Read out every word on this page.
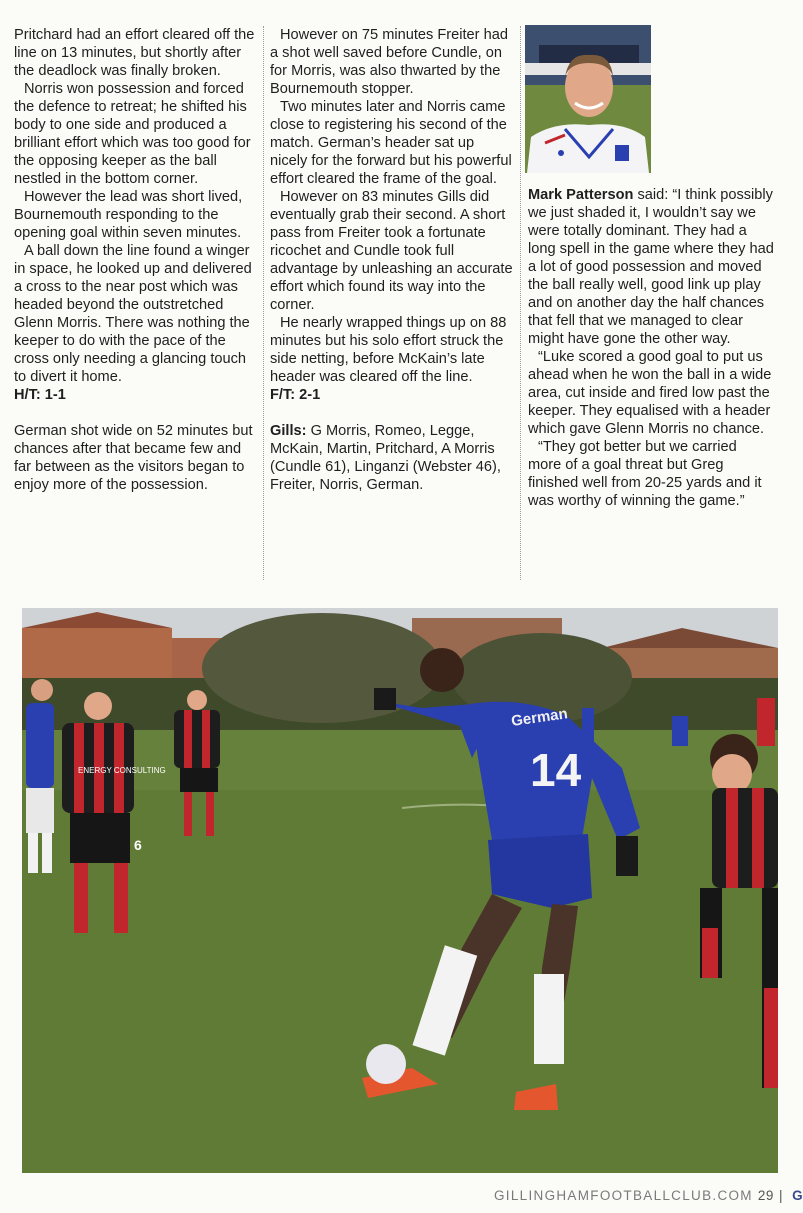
Pritchard had an effort cleared off the line on 13 minutes, but shortly after the deadlock was finally broken.

Norris won possession and forced the defence to retreat; he shifted his body to one side and produced a brilliant effort which was too good for the opposing keeper as the ball nestled in the bottom corner.

However the lead was short lived, Bournemouth responding to the opening goal within seven minutes.

A ball down the line found a winger in space, he looked up and delivered a cross to the near post which was headed beyond the outstretched Glenn Morris. There was nothing the keeper to do with the pace of the cross only needing a glancing touch to divert it home.

H/T: 1-1

German shot wide on 52 minutes but chances after that became few and far between as the visitors began to enjoy more of the possession.

However on 75 minutes Freiter had a shot well saved before Cundle, on for Morris, was also thwarted by the Bournemouth stopper.

Two minutes later and Norris came close to registering his second of the match. German’s header sat up nicely for the forward but his powerful effort cleared the frame of the goal.

However on 83 minutes Gills did eventually grab their second. A short pass from Freiter took a fortunate ricochet and Cundle took full advantage by unleashing an accurate effort which found its way into the corner.

He nearly wrapped things up on 88 minutes but his solo effort struck the side netting, before McKain’s late header was cleared off the line.

F/T: 2-1

Gills: G Morris, Romeo, Legge, McKain, Martin, Pritchard, A Morris (Cundle 61), Linganzi (Webster 46), Freiter, Norris, German.

Mark Patterson said: “I think possibly we just shaded it, I wouldn’t say we were totally dominant. They had a long spell in the game where they had a lot of good possession and moved the ball really well, good link up play and on another day the half chances that fell that we managed to clear might have gone the other way.

“Luke scored a good goal to put us ahead when he won the ball in a wide area, cut inside and fired low past the keeper. They equalised with a header which gave Glenn Morris no chance.

“They got better but we carried more of a goal threat but Greg finished well from 20-25 yards and it was worthy of winning the game.”

ENERGY CONSULTING
6
German
14
GILLINGHAMFOOTBALLCLUB.COM 29 | G
